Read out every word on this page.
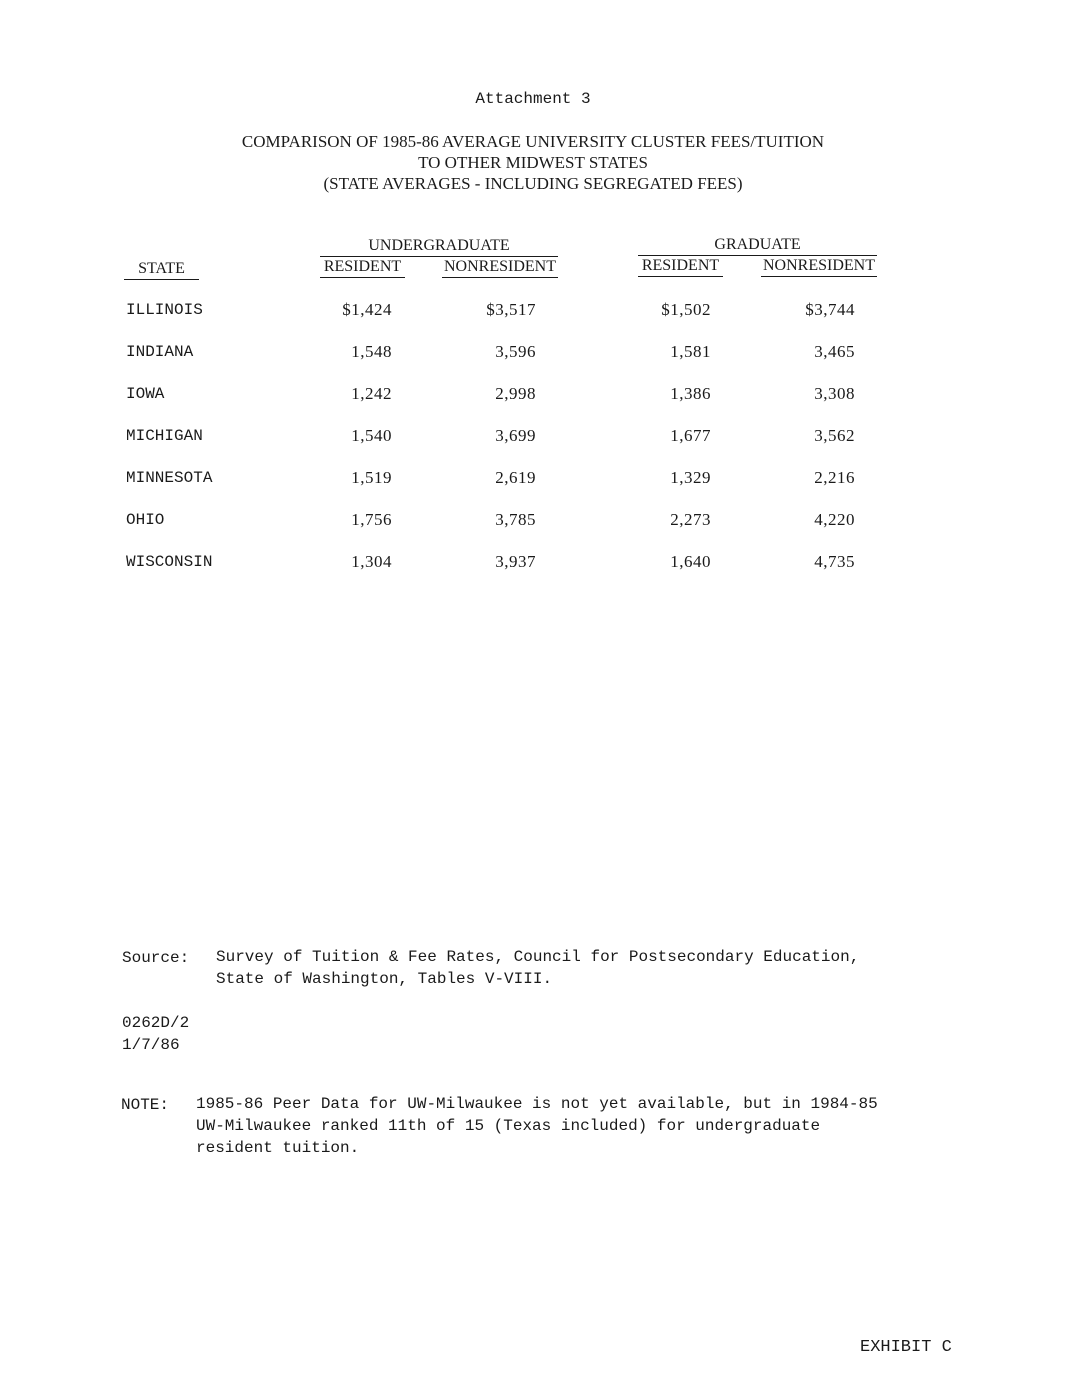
Attachment 3
COMPARISON OF 1985-86 AVERAGE UNIVERSITY CLUSTER FEES/TUITION
TO OTHER MIDWEST STATES
(STATE AVERAGES - INCLUDING SEGREGATED FEES)
UNDERGRADUATE	GRADUATE
STATE	RESIDENT	NONRESIDENT	RESIDENT	NONRESIDENT
ILLINOIS	$1,424	$3,517	$1,502	$3,744
INDIANA	1,548	3,596	1,581	3,465
IOWA	1,242	2,998	1,386	3,308
MICHIGAN	1,540	3,699	1,677	3,562
MINNESOTA	1,519	2,619	1,329	2,216
OHIO	1,756	3,785	2,273	4,220
WISCONSIN	1,304	3,937	1,640	4,735
Source: Survey of Tuition & Fee Rates, Council for Postsecondary Education,
State of Washington, Tables V-VIII.
0262D/2
1/7/86
NOTE: 1985-86 Peer Data for UW-Milwaukee is not yet available, but in 1984-85
UW-Milwaukee ranked 11th of 15 (Texas included) for undergraduate
resident tuition.
EXHIBIT C
